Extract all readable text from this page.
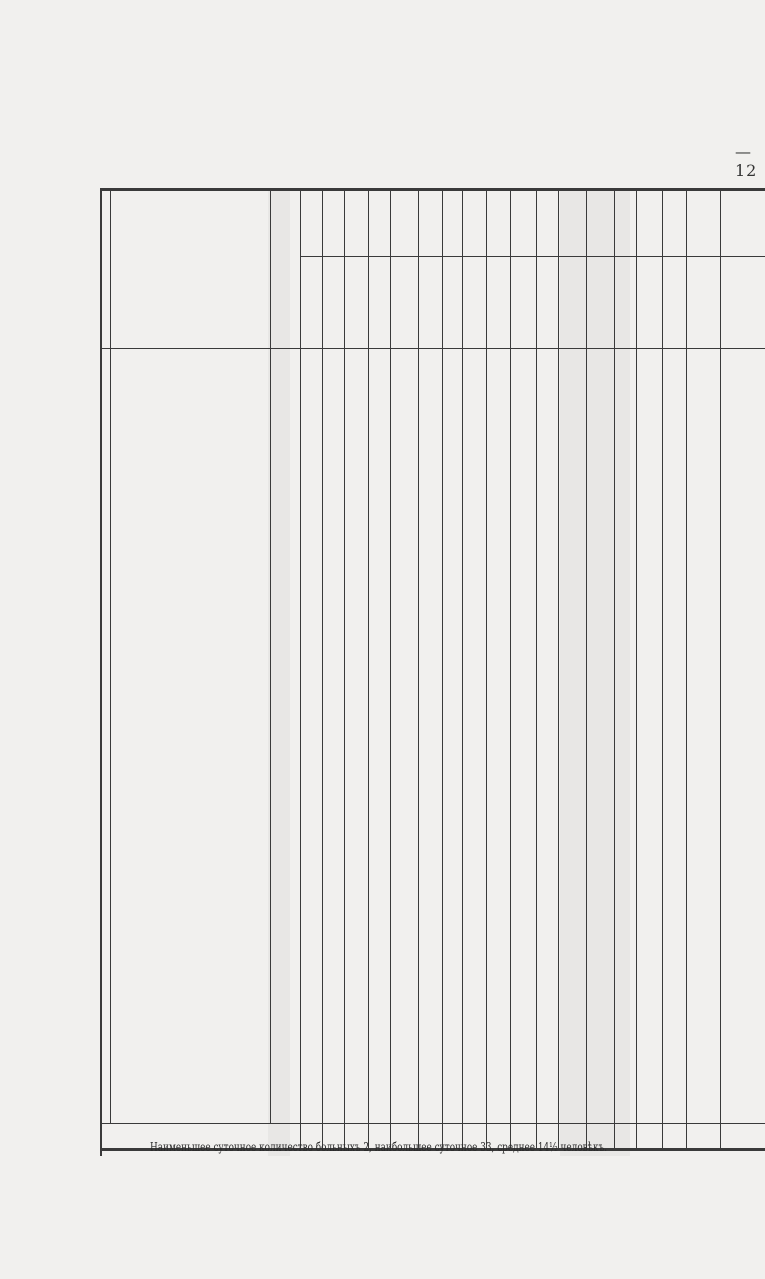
—12
Наименьшее суточное количество больныхъ 2, наибольшее суточное 33, среднее 14½ человѣкъ.
